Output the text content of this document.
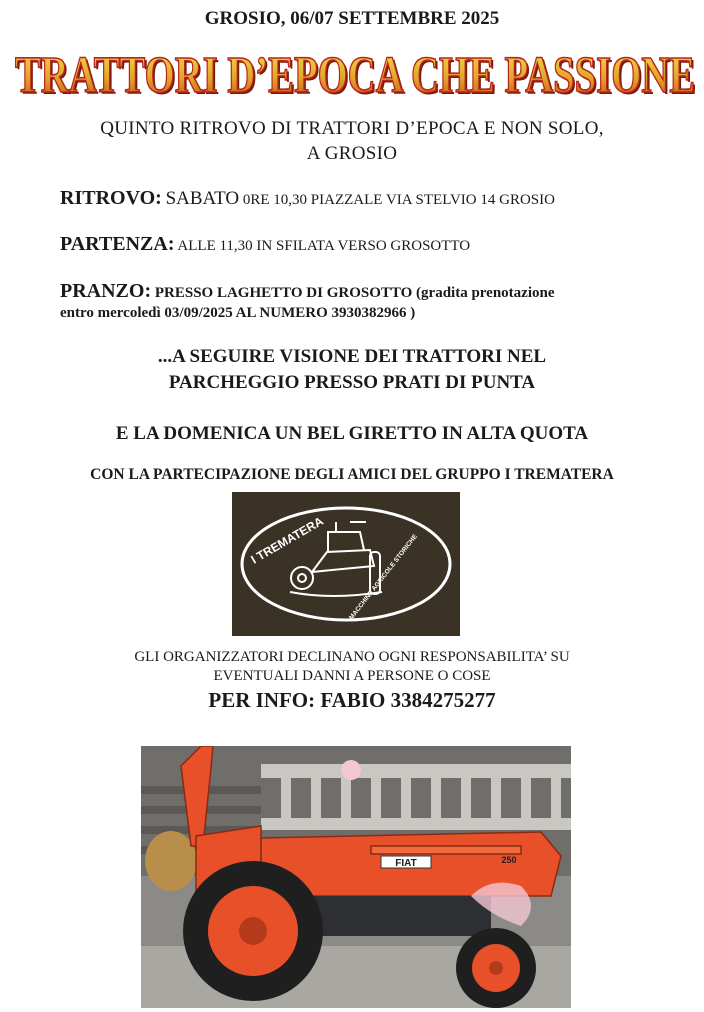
GROSIO, 06/07 SETTEMBRE 2025
TRATTORI D’EPOCA CHE PASSIONE
TRATTORI D’EPOCA CHE PASSIONE
QUINTO RITROVO DI TRATTORI D’EPOCA E NON SOLO,
A GROSIO
RITROVO: SABATO 0RE 10,30 PIAZZALE VIA STELVIO 14 GROSIO
PARTENZA: ALLE 11,30 IN SFILATA VERSO GROSOTTO
PRANZO: PRESSO LAGHETTO DI GROSOTTO (gradita prenotazione
entro mercoledì 03/09/2025 AL NUMERO 3930382966 )
...A SEGUIRE VISIONE DEI TRATTORI NEL
PARCHEGGIO PRESSO PRATI DI PUNTA
E LA DOMENICA UN BEL GIRETTO IN ALTA QUOTA
CON LA PARTECIPAZIONE DEGLI AMICI DEL GRUPPO I TREMATERA
I TREMATERA	MACCHINE AGRICOLE STORICHE
GLI ORGANIZZATORI DECLINANO OGNI RESPONSABILITA’ SU
EVENTUALI DANNI A PERSONE O COSE
PER INFO: FABIO 3384275277
FIAT	250
